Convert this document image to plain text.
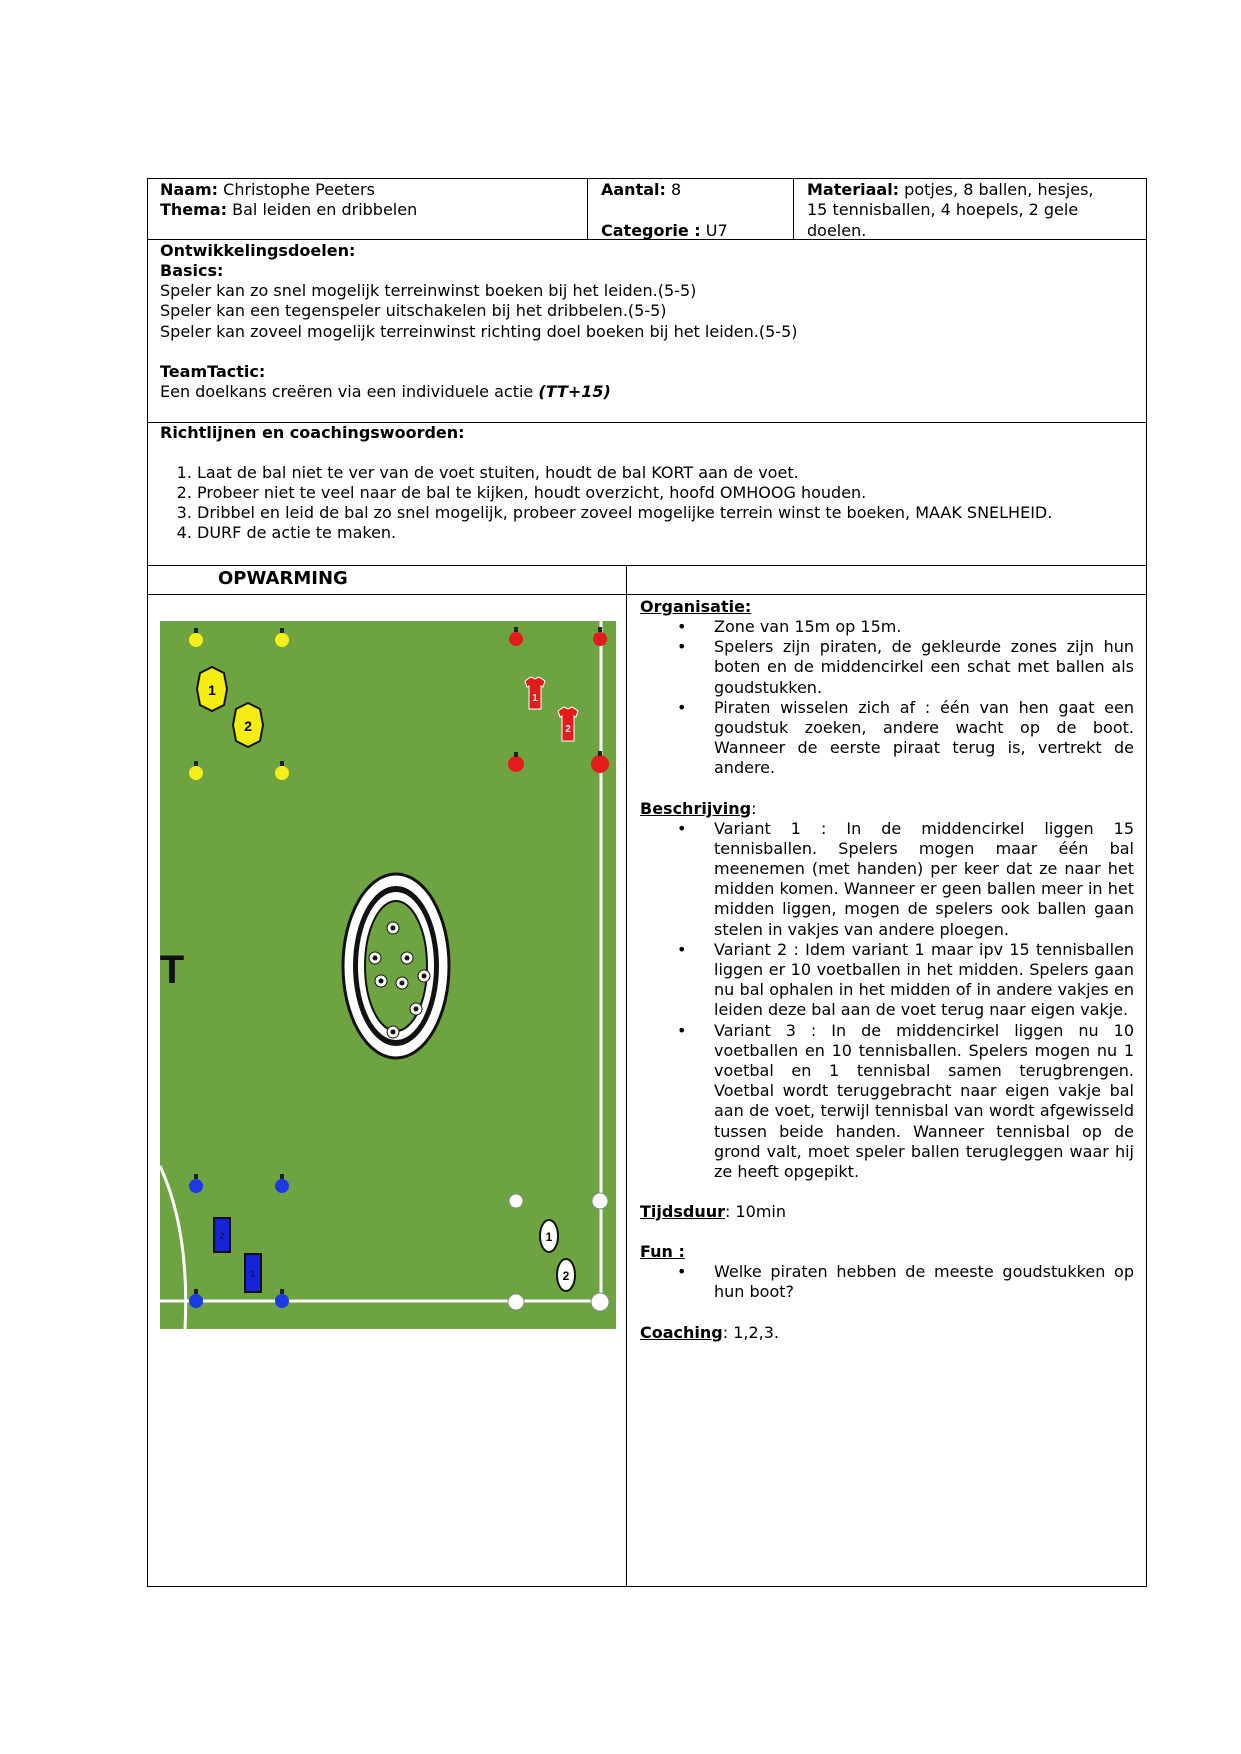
Naam: Christophe Peeters
Thema: Bal leiden en dribbelen
Aantal: 8
Categorie : U7
Materiaal: potjes, 8 ballen, hesjes,
15 tennisballen, 4 hoepels, 2 gele
doelen.
Ontwikkelingsdoelen:
Basics:
Speler kan zo snel mogelijk terreinwinst boeken bij het leiden.(5-5)
Speler kan een tegenspeler uitschakelen bij het dribbelen.(5-5)
Speler kan zoveel mogelijk terreinwinst richting doel boeken bij het leiden.(5-5)
TeamTactic:
Een doelkans creëren via een individuele actie (TT+15)
Richtlijnen en coachingswoorden:
1. Laat de bal niet te ver van de voet stuiten, houdt de bal KORT aan de voet.
2. Probeer niet te veel naar de bal te kijken, houdt overzicht, hoofd OMHOOG houden.
3. Dribbel en leid de bal zo snel mogelijk, probeer zoveel mogelijke terrein winst te boeken, MAAK SNELHEID.
4. DURF de actie te maken.
OPWARMING
1
2
1
2
T
2
1
1
2
Organisatie:
• Zone van 15m op 15m.
• Spelers zijn piraten, de gekleurde zones zijn hun boten en de middencirkel een schat met ballen als goudstukken.
• Piraten wisselen zich af : één van hen gaat een goudstuk zoeken, andere wacht op de boot. Wanneer de eerste piraat terug is, vertrekt de andere.
Beschrijving:
• Variant 1 : In de middencirkel liggen 15 tennisballen. Spelers mogen maar één bal meenemen (met handen) per keer dat ze naar het midden komen. Wanneer er geen ballen meer in het midden liggen, mogen de spelers ook ballen gaan stelen in vakjes van andere ploegen.
• Variant 2 : Idem variant 1 maar ipv 15 tennisballen liggen er 10 voetballen in het midden. Spelers gaan nu bal ophalen in het midden of in andere vakjes en leiden deze bal aan de voet terug naar eigen vakje.
• Variant 3 : In de middencirkel liggen nu 10 voetballen en 10 tennisballen. Spelers mogen nu 1 voetbal en 1 tennisbal samen terugbrengen. Voetbal wordt teruggebracht naar eigen vakje bal aan de voet, terwijl tennisbal van wordt afgewisseld tussen beide handen. Wanneer tennisbal op de grond valt, moet speler ballen terugleggen waar hij ze heeft opgepikt.
Tijdsduur: 10min
Fun :
• Welke piraten hebben de meeste goudstukken op hun boot?
Coaching: 1,2,3.
